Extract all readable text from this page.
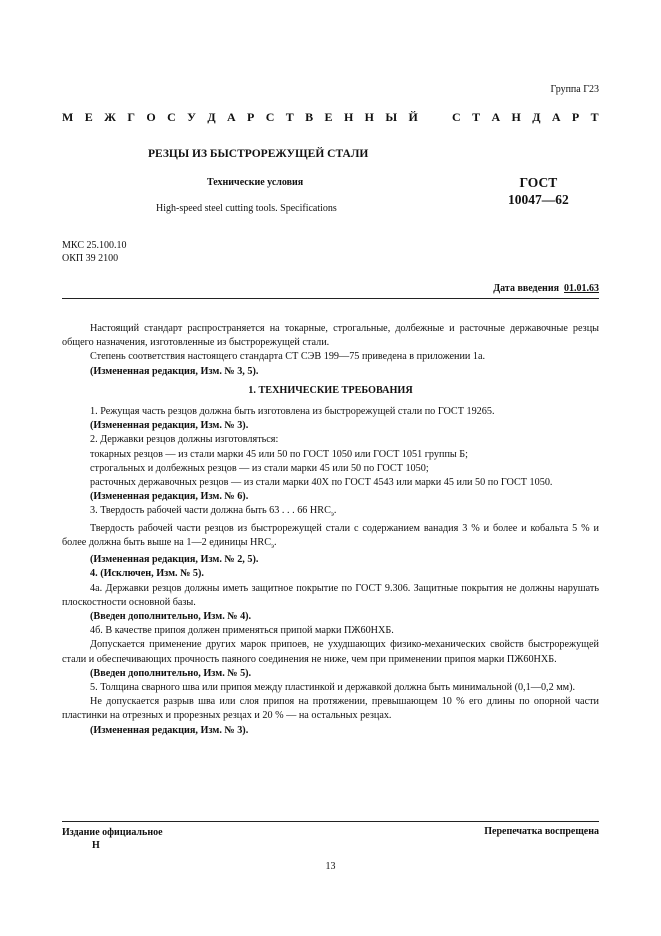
Группа Г23
М Е Ж Г О С У Д А Р С Т В Е Н Н Ы Й	С Т А Н Д А Р Т
РЕЗЦЫ ИЗ БЫСТРОРЕЖУЩЕЙ СТАЛИ
Технические условия
High-speed steel cutting tools. Specifications
ГОСТ
10047—62
МКС 25.100.10
ОКП 39 2100
Дата введения 01.01.63

Настоящий стандарт распространяется на токарные, строгальные, долбежные и расточные державочные резцы общего назначения, изготовленные из быстрорежущей стали.

Степень соответствия настоящего стандарта СТ СЭВ 199—75 приведена в приложении 1а.

(Измененная редакция, Изм. № 3, 5).

1. ТЕХНИЧЕСКИЕ ТРЕБОВАНИЯ

1. Режущая часть резцов должна быть изготовлена из быстрорежущей стали по ГОСТ 19265.

(Измененная редакция, Изм. № 3).

2. Державки резцов должны изготовляться:

токарных резцов — из стали марки 45 или 50 по ГОСТ 1050 или ГОСТ 1051 группы Б;

строгальных и долбежных резцов — из стали марки 45 или 50 по ГОСТ 1050;

расточных державочных резцов — из стали марки 40Х по ГОСТ 4543 или марки 45 или 50 по ГОСТ 1050.

(Измененная редакция, Изм. № 6).

3. Твердость рабочей части должна быть 63 . . . 66 $HRC_э$.

Твердость рабочей части резцов из быстрорежущей стали с содержанием ванадия 3 % и более и кобальта 5 % и более должна быть выше на 1—2 единицы $HRC_э$.

(Измененная редакция, Изм. № 2, 5).

4. (Исключен, Изм. № 5).

4а. Державки резцов должны иметь защитное покрытие по ГОСТ 9.306. Защитные покрытия не должны нарушать плоскостности основной базы.

(Введен дополнительно, Изм. № 4).

4б. В качестве припоя должен применяться припой марки ПЖ60НХБ.

Допускается применение других марок припоев, не ухудшающих физико-механических свойств быстрорежущей стали и обеспечивающих прочность паяного соединения не ниже, чем при применении припоя марки ПЖ60НХБ.

(Введен дополнительно, Изм. № 5).

5. Толщина сварного шва или припоя между пластинкой и державкой должна быть минимальной (0,1—0,2 мм).

Не допускается разрыв шва или слоя припоя на протяжении, превышающем 10 % его длины по опорной части пластинки на отрезных и прорезных резцах и 20 % — на остальных резцах.

(Измененная редакция, Изм. № 3).

Издание официальное
Н
Перепечатка воспрещена
13
